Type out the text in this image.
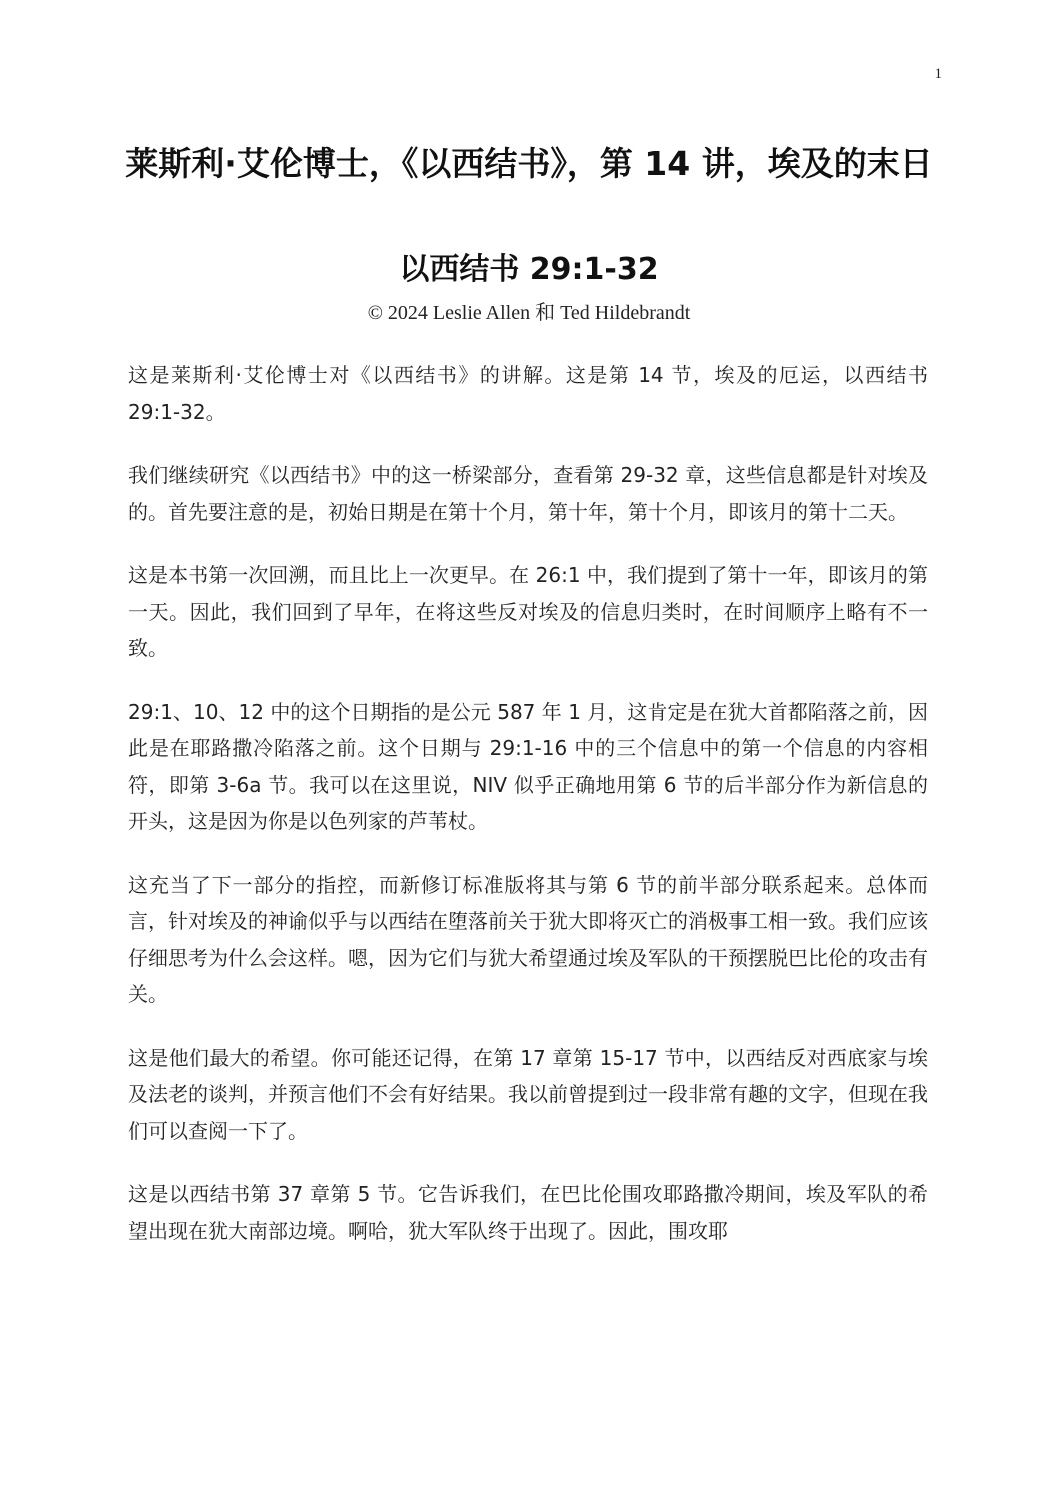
1
莱斯利·艾伦博士，《以西结书》，第 14 讲，埃及的末日
以西结书 29:1-32
© 2024 Leslie Allen 和 Ted Hildebrandt

这是莱斯利·艾伦博士对《以西结书》的讲解。这是第 14 节，埃及的厄运，以西结书 29:1-32。

我们继续研究《以西结书》中的这一桥梁部分，查看第 29-32 章，这些信息都是针对埃及的。首先要注意的是，初始日期是在第十个月，第十年，第十个月，即该月的第十二天。

这是本书第一次回溯，而且比上一次更早。在 26:1 中，我们提到了第十一年，即该月的第一天。因此，我们回到了早年，在将这些反对埃及的信息归类时，在时间顺序上略有不一致。

29:1、10、12 中的这个日期指的是公元 587 年 1 月，这肯定是在犹大首都陷落之前，因此是在耶路撒冷陷落之前。这个日期与 29:1-16 中的三个信息中的第一个信息的内容相符，即第 3-6a 节。我可以在这里说，NIV 似乎正确地用第 6 节的后半部分作为新信息的开头，这是因为你是以色列家的芦苇杖。

这充当了下一部分的指控，而新修订标准版将其与第 6 节的前半部分联系起来。总体而言，针对埃及的神谕似乎与以西结在堕落前关于犹大即将灭亡的消极事工相一致。我们应该仔细思考为什么会这样。嗯，因为它们与犹大希望通过埃及军队的干预摆脱巴比伦的攻击有关。

这是他们最大的希望。你可能还记得，在第 17 章第 15-17 节中，以西结反对西底家与埃及法老的谈判，并预言他们不会有好结果。我以前曾提到过一段非常有趣的文字，但现在我们可以查阅一下了。

这是以西结书第 37 章第 5 节。它告诉我们，在巴比伦围攻耶路撒冷期间，埃及军队的希望出现在犹大南部边境。啊哈，犹大军队终于出现了。因此，围攻耶
